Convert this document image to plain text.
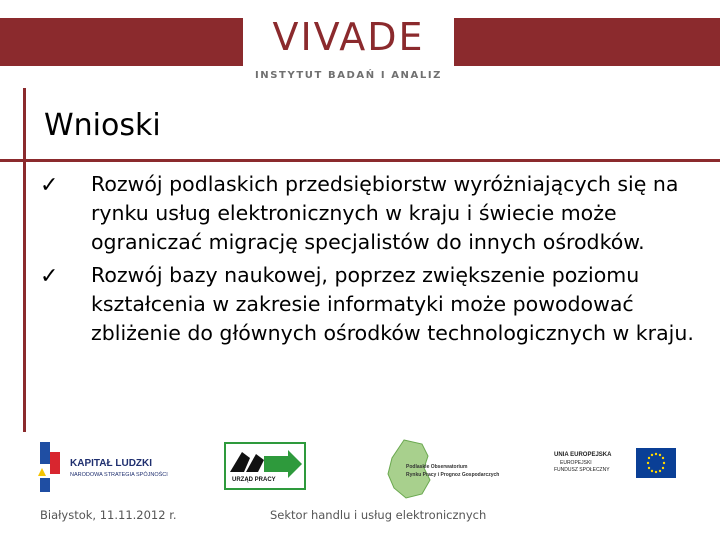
VIVADE
INSTYTUT BADAŃ I ANALIZ
Wnioski
✓	Rozwój podlaskich przedsiębiorstw wyróżniających się na rynku usług elektronicznych w kraju i świecie może ograniczać migrację specjalistów do innych ośrodków.
✓	Rozwój bazy naukowej, poprzez zwiększenie poziomu kształcenia w zakresie informatyki może powodować zbliżenie do głównych ośrodków technologicznych w kraju.
KAPITAŁ LUDZKI
NARODOWA STRATEGIA SPÓJNOŚCI
URZĄD PRACY
Podlaskie Obserwatorium
Rynku Pracy i Prognoz Gospodarczych
UNIA EUROPEJSKA
EUROPEJSKI
FUNDUSZ SPOŁECZNY
Białystok, 11.11.2012 r.	Sektor handlu i usług elektronicznych
